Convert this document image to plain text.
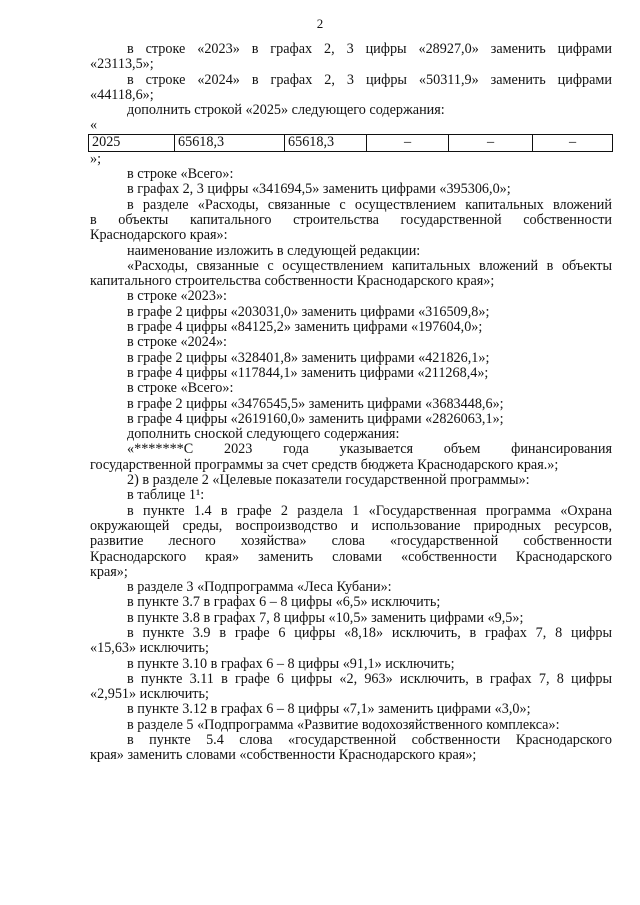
2

в строке «2023» в графах 2, 3 цифры «28927,0» заменить цифрами

«23113,5»;

в строке «2024» в графах 2, 3 цифры «50311,9» заменить цифрами

«44118,6»;

дополнить строкой «2025» следующего содержания:

«

2025	65618,3	65618,3	–	–	–

»;

в строке «Всего»:

в графах 2, 3 цифры «341694,5» заменить цифрами «395306,0»;

в разделе «Расходы, связанные с осуществлением капитальных вложений

в объекты капитального строительства государственной собственности

Краснодарского края»:

наименование изложить в следующей редакции:

«Расходы, связанные с осуществлением капитальных вложений в объекты

капитального строительства собственности Краснодарского края»;

в строке «2023»:

в графе 2 цифры «203031,0» заменить цифрами «316509,8»;

в графе 4 цифры «84125,2» заменить цифрами «197604,0»;

в строке «2024»:

в графе 2 цифры «328401,8» заменить цифрами «421826,1»;

в графе 4 цифры «117844,1» заменить цифрами «211268,4»;

в строке «Всего»:

в графе 2 цифры «3476545,5» заменить цифрами «3683448,6»;

в графе 4 цифры «2619160,0» заменить цифрами «2826063,1»;

дополнить сноской следующего содержания:

«*******С 2023 года указывается объем финансирования

государственной программы за счет средств бюджета Краснодарского края.»;

2) в разделе 2 «Целевые показатели государственной программы»:

в таблице 1¹:

в пункте 1.4 в графе 2 раздела 1 «Государственная программа «Охрана

окружающей среды, воспроизводство и использование природных ресурсов,

развитие лесного хозяйства» слова «государственной собственности

Краснодарского края» заменить словами «собственности Краснодарского

края»;

в разделе 3 «Подпрограмма «Леса Кубани»:

в пункте 3.7 в графах 6 – 8 цифры «6,5» исключить;

в пункте 3.8 в графах 7, 8 цифры «10,5» заменить цифрами «9,5»;

в пункте 3.9 в графе 6 цифры «8,18» исключить, в графах 7, 8 цифры

«15,63» исключить;

в пункте 3.10 в графах 6 – 8 цифры «91,1» исключить;

в пункте 3.11 в графе 6 цифры «2, 963» исключить, в графах 7, 8 цифры

«2,951» исключить;

в пункте 3.12 в графах 6 – 8 цифры «7,1» заменить цифрами «3,0»;

в разделе 5 «Подпрограмма «Развитие водохозяйственного комплекса»:

в пункте 5.4 слова «государственной собственности Краснодарского

края» заменить словами «собственности Краснодарского края»;
